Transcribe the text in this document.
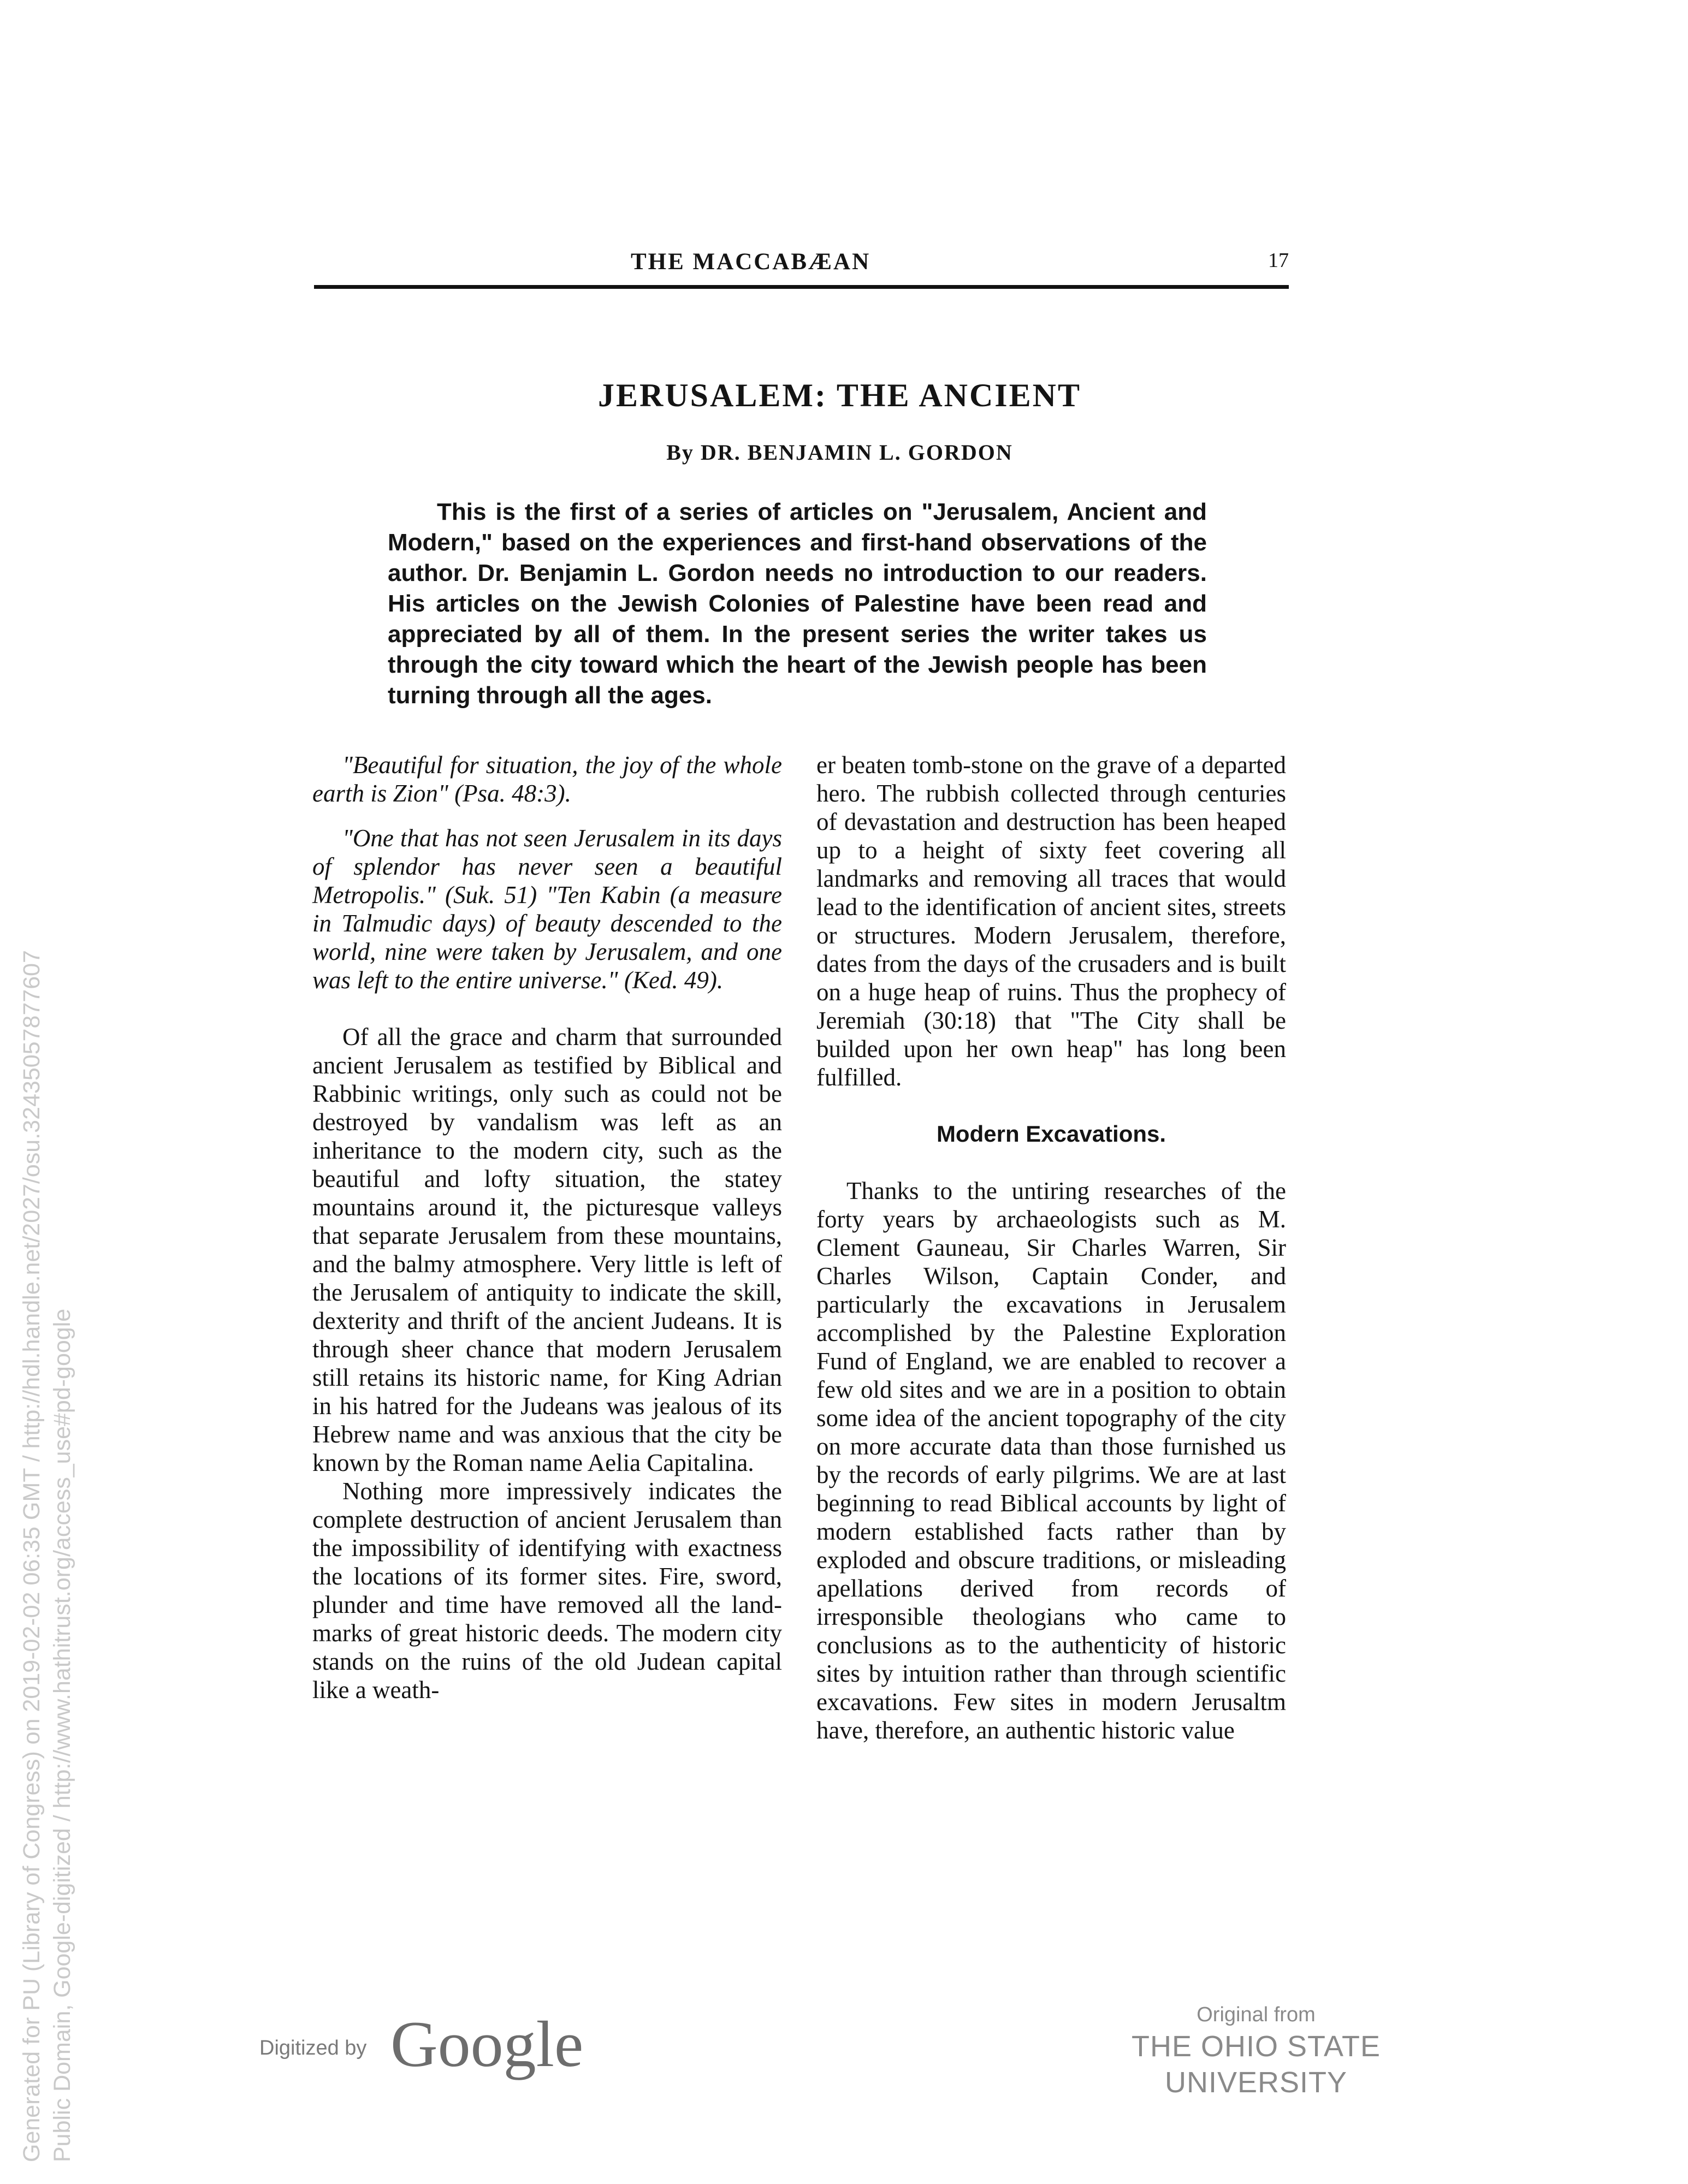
THE MACCABÆAN	17
JERUSALEM: THE ANCIENT
By DR. BENJAMIN L. GORDON
This is the first of a series of articles on "Jerusalem, Ancient and Modern," based on the experiences and first-hand observations of the author. Dr. Benjamin L. Gordon needs no introduction to our readers. His articles on the Jewish Colonies of Palestine have been read and appreciated by all of them. In the present series the writer takes us through the city toward which the heart of the Jewish people has been turning through all the ages.

"Beautiful for situation, the joy of the whole earth is Zion" (Psa. 48:3).

"One that has not seen Jerusalem in its days of splendor has never seen a beautiful Metropolis." (Suk. 51) "Ten Kabin (a measure in Talmudic days) of beauty descended to the world, nine were taken by Jerusalem, and one was left to the entire universe." (Ked. 49).

Of all the grace and charm that surrounded ancient Jerusalem as testified by Biblical and Rabbinic writings, only such as could not be destroyed by vandalism was left as an inheritance to the modern city, such as the beautiful and lofty situation, the statey mountains around it, the picturesque valleys that separate Jerusalem from these mountains, and the balmy atmosphere. Very little is left of the Jerusalem of antiquity to indicate the skill, dexterity and thrift of the ancient Judeans. It is through sheer chance that modern Jerusalem still retains its historic name, for King Adrian in his hatred for the Judeans was jealous of its Hebrew name and was anxious that the city be known by the Roman name Aelia Capitalina.

Nothing more impressively indicates the complete destruction of ancient Jerusalem than the impossibility of identifying with exactness the locations of its former sites. Fire, sword, plunder and time have removed all the land-marks of great historic deeds. The modern city stands on the ruins of the old Judean capital like a weath-

er beaten tomb-stone on the grave of a departed hero. The rubbish collected through centuries of devastation and destruction has been heaped up to a height of sixty feet covering all landmarks and removing all traces that would lead to the identification of ancient sites, streets or structures. Modern Jerusalem, therefore, dates from the days of the crusaders and is built on a huge heap of ruins. Thus the prophecy of Jeremiah (30:18) that "The City shall be builded upon her own heap" has long been fulfilled.

Modern Excavations.

Thanks to the untiring researches of the forty years by archaeologists such as M. Clement Gauneau, Sir Charles Warren, Sir Charles Wilson, Captain Conder, and particularly the excavations in Jerusalem accomplished by the Palestine Exploration Fund of England, we are enabled to recover a few old sites and we are in a position to obtain some idea of the ancient topography of the city on more accurate data than those furnished us by the records of early pilgrims. We are at last beginning to read Biblical accounts by light of modern established facts rather than by exploded and obscure traditions, or misleading apellations derived from records of irresponsible theologians who came to conclusions as to the authenticity of historic sites by intuition rather than through scientific excavations. Few sites in modern Jerusaltm have, therefore, an authentic historic value

Digitized by Google	Original from
THE OHIO STATE UNIVERSITY
Generated for PU (Library of Congress) on 2019-02-02 06:35 GMT / http://hdl.handle.net/2027/osu.32435057877607 Public Domain, Google-digitized / http://www.hathitrust.org/access_use#pd-google
